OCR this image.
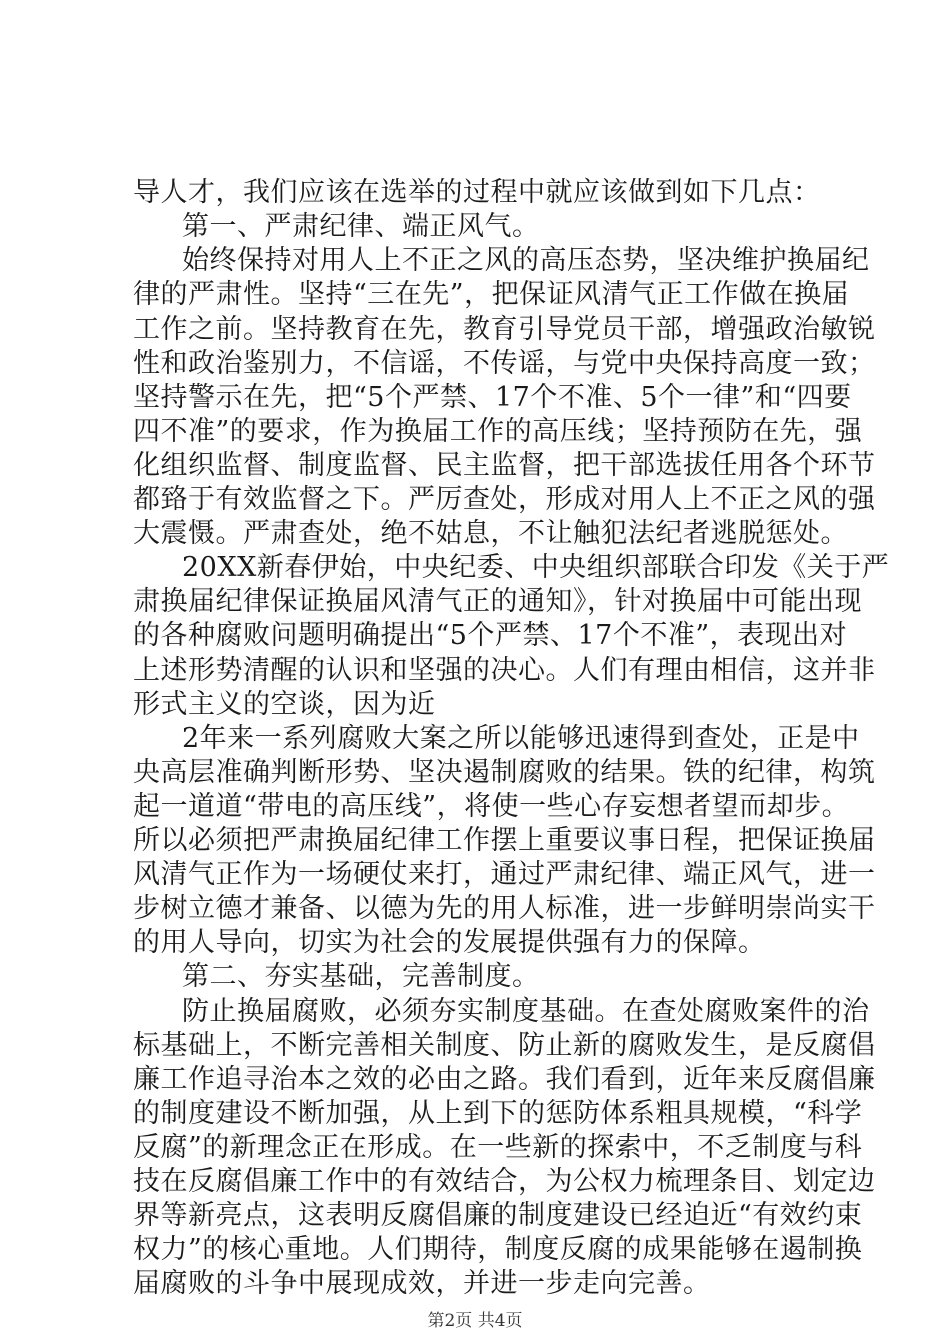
导人才，我们应该在选举的过程中就应该做到如下几点：
第一、严肃纪律、端正风气。
始终保持对用人上不正之风的高压态势，坚决维护换届纪
律的严肃性。坚持“三在先”，把保证风清气正工作做在换届
工作之前。坚持教育在先，教育引导党员干部，增强政治敏锐
性和政治鉴别力，不信谣，不传谣，与党中央保持高度一致；
坚持警示在先，把“5个严禁、17个不准、5个一律”和“四要
四不准”的要求，作为换届工作的高压线；坚持预防在先，强
化组织监督、制度监督、民主监督，把干部选拔任用各个环节
都臵于有效监督之下。严厉查处，形成对用人上不正之风的强
大震慑。严肃查处，绝不姑息，不让触犯法纪者逃脱惩处。
20XX新春伊始，中央纪委、中央组织部联合印发《关于严
肃换届纪律保证换届风清气正的通知》，针对换届中可能出现
的各种腐败问题明确提出“5个严禁、17个不准”，表现出对
上述形势清醒的认识和坚强的决心。人们有理由相信，这并非
形式主义的空谈，因为近
2年来一系列腐败大案之所以能够迅速得到查处，正是中
央高层准确判断形势、坚决遏制腐败的结果。铁的纪律，构筑
起一道道“带电的高压线”，将使一些心存妄想者望而却步。
所以必须把严肃换届纪律工作摆上重要议事日程，把保证换届
风清气正作为一场硬仗来打，通过严肃纪律、端正风气，进一
步树立德才兼备、以德为先的用人标准，进一步鲜明崇尚实干
的用人导向，切实为社会的发展提供强有力的保障。
第二、夯实基础，完善制度。
防止换届腐败，必须夯实制度基础。在查处腐败案件的治
标基础上，不断完善相关制度、防止新的腐败发生，是反腐倡
廉工作追寻治本之效的必由之路。我们看到，近年来反腐倡廉
的制度建设不断加强，从上到下的惩防体系粗具规模，“科学
反腐”的新理念正在形成。在一些新的探索中，不乏制度与科
技在反腐倡廉工作中的有效结合，为公权力梳理条目、划定边
界等新亮点，这表明反腐倡廉的制度建设已经迫近“有效约束
权力”的核心重地。人们期待，制度反腐的成果能够在遏制换
届腐败的斗争中展现成效，并进一步走向完善。
第2页 共4页
